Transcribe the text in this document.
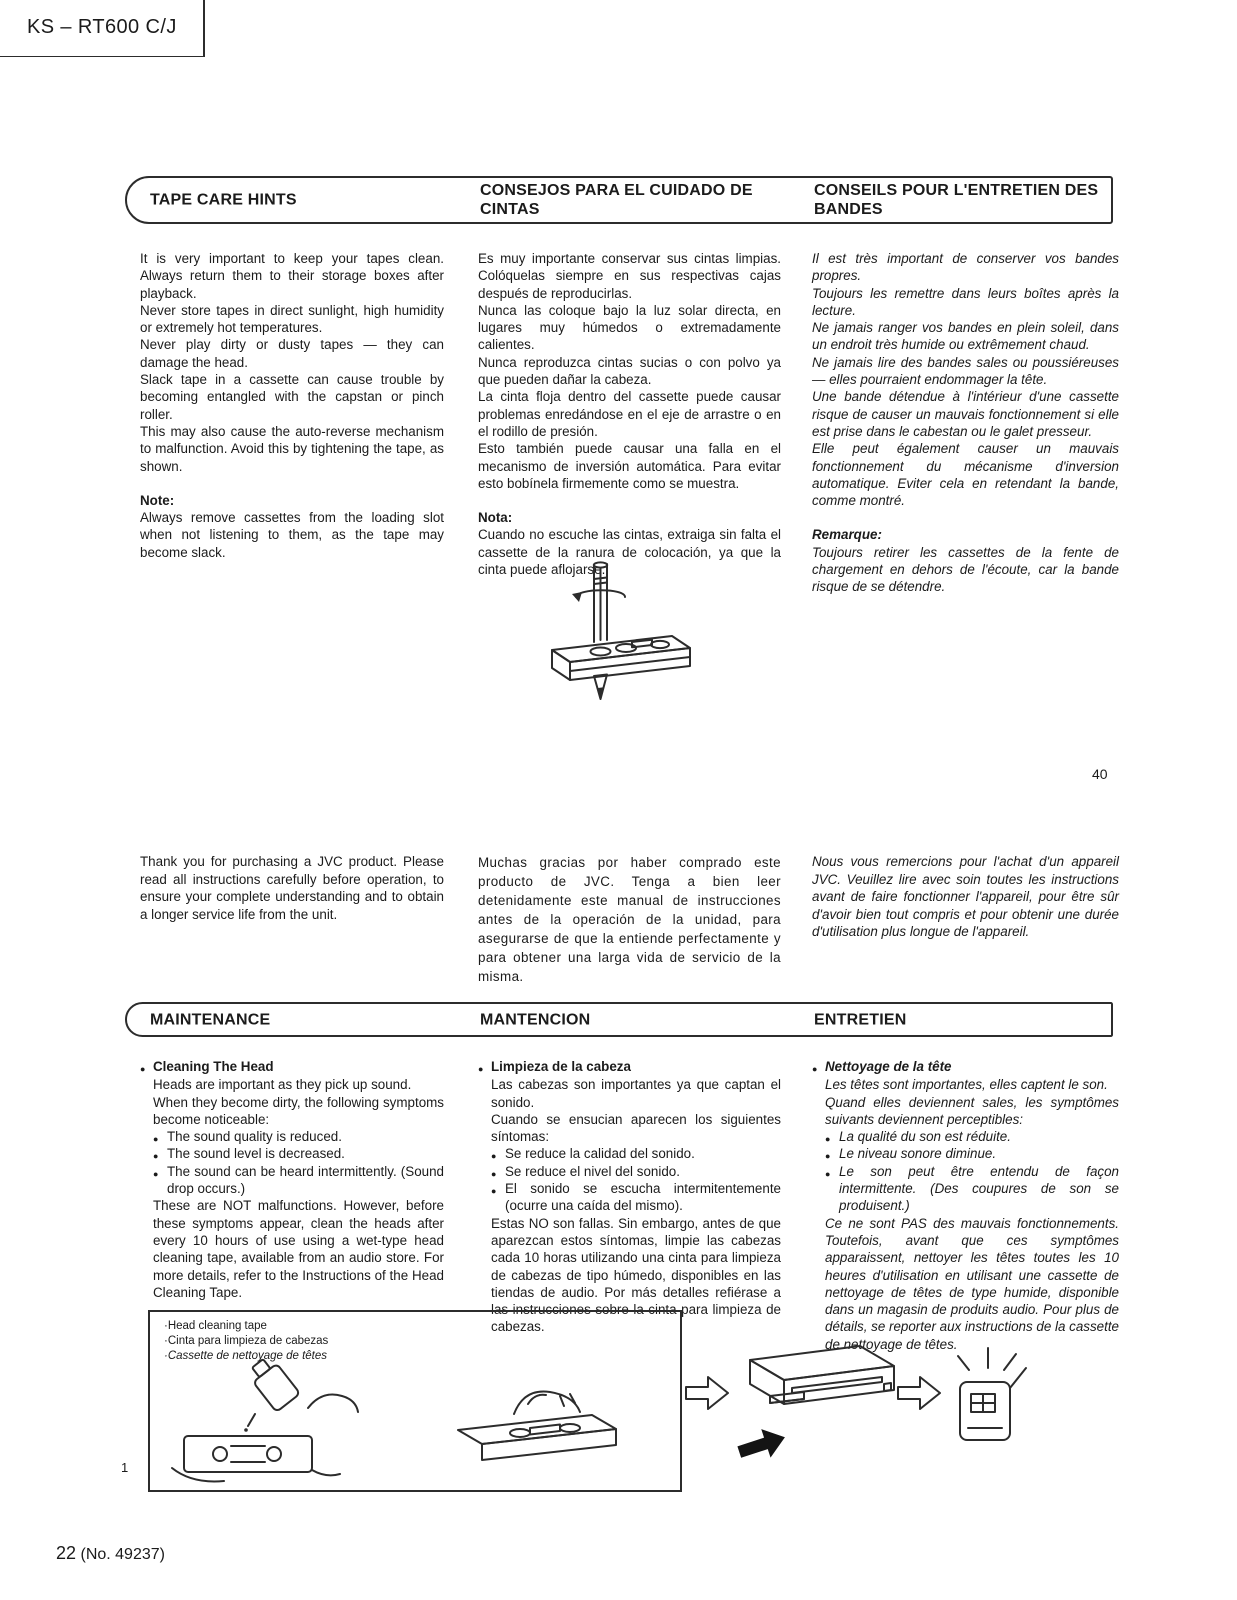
KS – RT600 C/J
TAPE CARE HINTS
CONSEJOS PARA EL CUIDADO DE CINTAS
CONSEILS POUR L'ENTRETIEN DES BANDES

It is very important to keep your tapes clean. Always return them to their storage boxes after playback.

Never store tapes in direct sunlight, high humidity or extremely hot temperatures.

Never play dirty or dusty tapes — they can damage the head.

Slack tape in a cassette can cause trouble by becoming entangled with the capstan or pinch roller.

This may also cause the auto-reverse mechanism to malfunction. Avoid this by tightening the tape, as shown.

Note:

Always remove cassettes from the loading slot when not listening to them, as the tape may become slack.

Es muy importante conservar sus cintas limpias. Colóquelas siempre en sus respectivas cajas después de reproducirlas.

Nunca las coloque bajo la luz solar directa, en lugares muy húmedos o extremadamente calientes.

Nunca reproduzca cintas sucias o con polvo ya que pueden dañar la cabeza.

La cinta floja dentro del cassette puede causar problemas enredándose en el eje de arrastre o en el rodillo de presión.

Esto también puede causar una falla en el mecanismo de inversión automática. Para evitar esto bobínela firmemente como se muestra.

Nota:

Cuando no escuche las cintas, extraiga sin falta el cassette de la ranura de colocación, ya que la cinta puede aflojarse.

Il est très important de conserver vos bandes propres.

Toujours les remettre dans leurs boîtes après la lecture.

Ne jamais ranger vos bandes en plein soleil, dans un endroit très humide ou extrêmement chaud.

Ne jamais lire des bandes sales ou poussiéreuses — elles pourraient endommager la tête.

Une bande détendue à l'intérieur d'une cassette risque de causer un mauvais fonctionnement si elle est prise dans le cabestan ou le galet presseur.

Elle peut également causer un mauvais fonctionnement du mécanisme d'inversion automatique. Eviter cela en retendant la bande, comme montré.

Remarque:

Toujours retirer les cassettes de la fente de chargement en dehors de l'écoute, car la bande risque de se détendre.

40

Thank you for purchasing a JVC product. Please read all instructions carefully before operation, to ensure your complete understanding and to obtain a longer service life from the unit.

Muchas gracias por haber comprado este producto de JVC. Tenga a bien leer detenidamente este manual de instrucciones antes de la operación de la unidad, para asegurarse de que la entiende perfectamente y para obtener una larga vida de servicio de la misma.

Nous vous remercions pour l'achat d'un appareil JVC. Veuillez lire avec soin toutes les instructions avant de faire fonctionner l'appareil, pour être sûr d'avoir bien tout compris et pour obtenir une durée d'utilisation plus longue de l'appareil.

MAINTENANCE	MANTENCION	ENTRETIEN
● Cleaning The Head

Heads are important as they pick up sound.

When they become dirty, the following symptoms become noticeable:

● The sound quality is reduced.
● The sound level is decreased.
● The sound can be heard intermittently. (Sound drop occurs.)

These are NOT malfunctions. However, before these symptoms appear, clean the heads after every 10 hours of use using a wet-type head cleaning tape, available from an audio store. For more details, refer to the Instructions of the Head Cleaning Tape.

● Limpieza de la cabeza

Las cabezas son importantes ya que captan el sonido.

Cuando se ensucian aparecen los siguientes síntomas:

● Se reduce la calidad del sonido.
● Se reduce el nivel del sonido.
● El sonido se escucha intermitentemente (ocurre una caída del mismo).

Estas NO son fallas. Sin embargo, antes de que aparezcan estos síntomas, limpie las cabezas cada 10 horas utilizando una cinta para limpieza de cabezas de tipo húmedo, disponibles en las tiendas de audio. Por más detalles refiérase a las instrucciones sobre la cinta para limpieza de cabezas.

● Nettoyage de la tête

Les têtes sont importantes, elles captent le son.

Quand elles deviennent sales, les symptômes suivants deviennent perceptibles:

● La qualité du son est réduite.
● Le niveau sonore diminue.
● Le son peut être entendu de façon intermittente. (Des coupures de son se produisent.)

Ce ne sont PAS des mauvais fonctionnements. Toutefois, avant que ces symptômes apparaissent, nettoyer les têtes toutes les 10 heures d'utilisation en utilisant une cassette de nettoyage de têtes de type humide, disponible dans un magasin de produits audio. Pour plus de détails, se reporter aux instructions de la cassette de nettoyage de têtes.

·Head cleaning tape
·Cinta para limpieza de cabezas
·Cassette de nettoyage de têtes
1
22 (No. 49237)
